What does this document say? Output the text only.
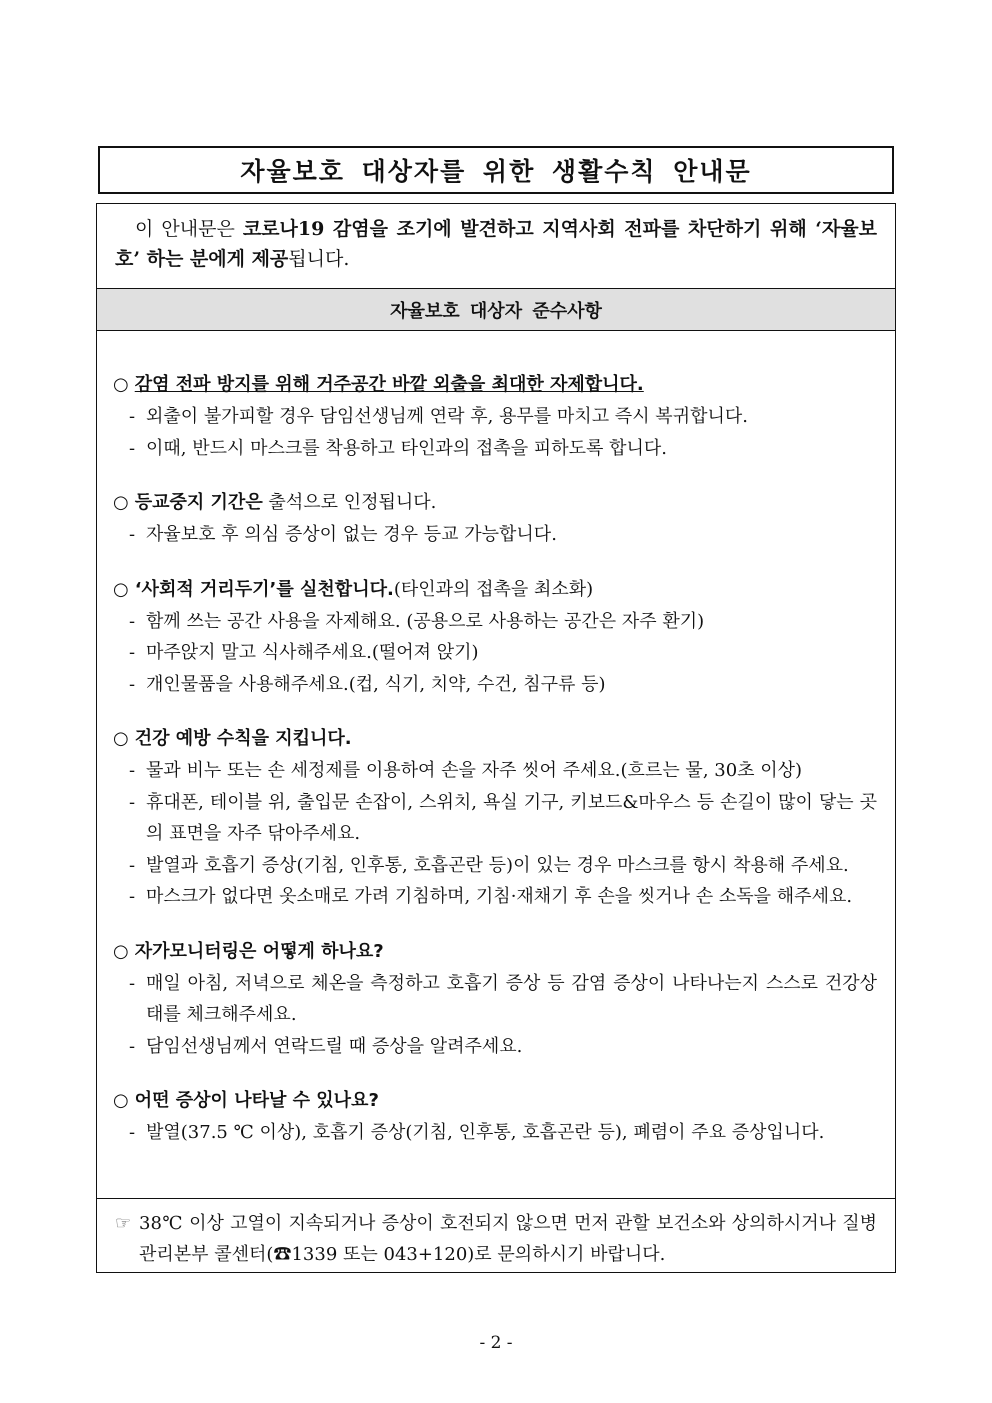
자율보호 대상자를 위한 생활수칙 안내문
이 안내문은 코로나19 감염을 조기에 발견하고 지역사회 전파를 차단하기 위해 ‘자율보호’ 하는 분에게 제공됩니다.
자율보호 대상자 준수사항
○ 감염 전파 방지를 위해 거주공간 바깥 외출을 최대한 자제합니다.
- 외출이 불가피할 경우 담임선생님께 연락 후, 용무를 마치고 즉시 복귀합니다.
- 이때, 반드시 마스크를 착용하고 타인과의 접촉을 피하도록 합니다.
○ 등교중지 기간은 출석으로 인정됩니다.
- 자율보호 후 의심 증상이 없는 경우 등교 가능합니다.
○ ‘사회적 거리두기’를 실천합니다.(타인과의 접촉을 최소화)
- 함께 쓰는 공간 사용을 자제해요. (공용으로 사용하는 공간은 자주 환기)
- 마주앉지 말고 식사해주세요.(떨어져 앉기)
- 개인물품을 사용해주세요.(컵, 식기, 치약, 수건, 침구류 등)
○ 건강 예방 수칙을 지킵니다.
- 물과 비누 또는 손 세정제를 이용하여 손을 자주 씻어 주세요.(흐르는 물, 30초 이상)
- 휴대폰, 테이블 위, 출입문 손잡이, 스위치, 욕실 기구, 키보드&마우스 등 손길이 많이 닿는 곳의 표면을 자주 닦아주세요.
- 발열과 호흡기 증상(기침, 인후통, 호흡곤란 등)이 있는 경우 마스크를 항시 착용해 주세요.
- 마스크가 없다면 옷소매로 가려 기침하며, 기침·재채기 후 손을 씻거나 손 소독을 해주세요.
○ 자가모니터링은 어떻게 하나요?
- 매일 아침, 저녁으로 체온을 측정하고 호흡기 증상 등 감염 증상이 나타나는지 스스로 건강상태를 체크해주세요.
- 담임선생님께서 연락드릴 때 증상을 알려주세요.
○ 어떤 증상이 나타날 수 있나요?
- 발열(37.5 ℃ 이상), 호흡기 증상(기침, 인후통, 호흡곤란 등), 폐렴이 주요 증상입니다.
☞ 38℃ 이상 고열이 지속되거나 증상이 호전되지 않으면 먼저 관할 보건소와 상의하시거나 질병관리본부 콜센터(☎1339 또는 043+120)로 문의하시기 바랍니다.
- 2 -
